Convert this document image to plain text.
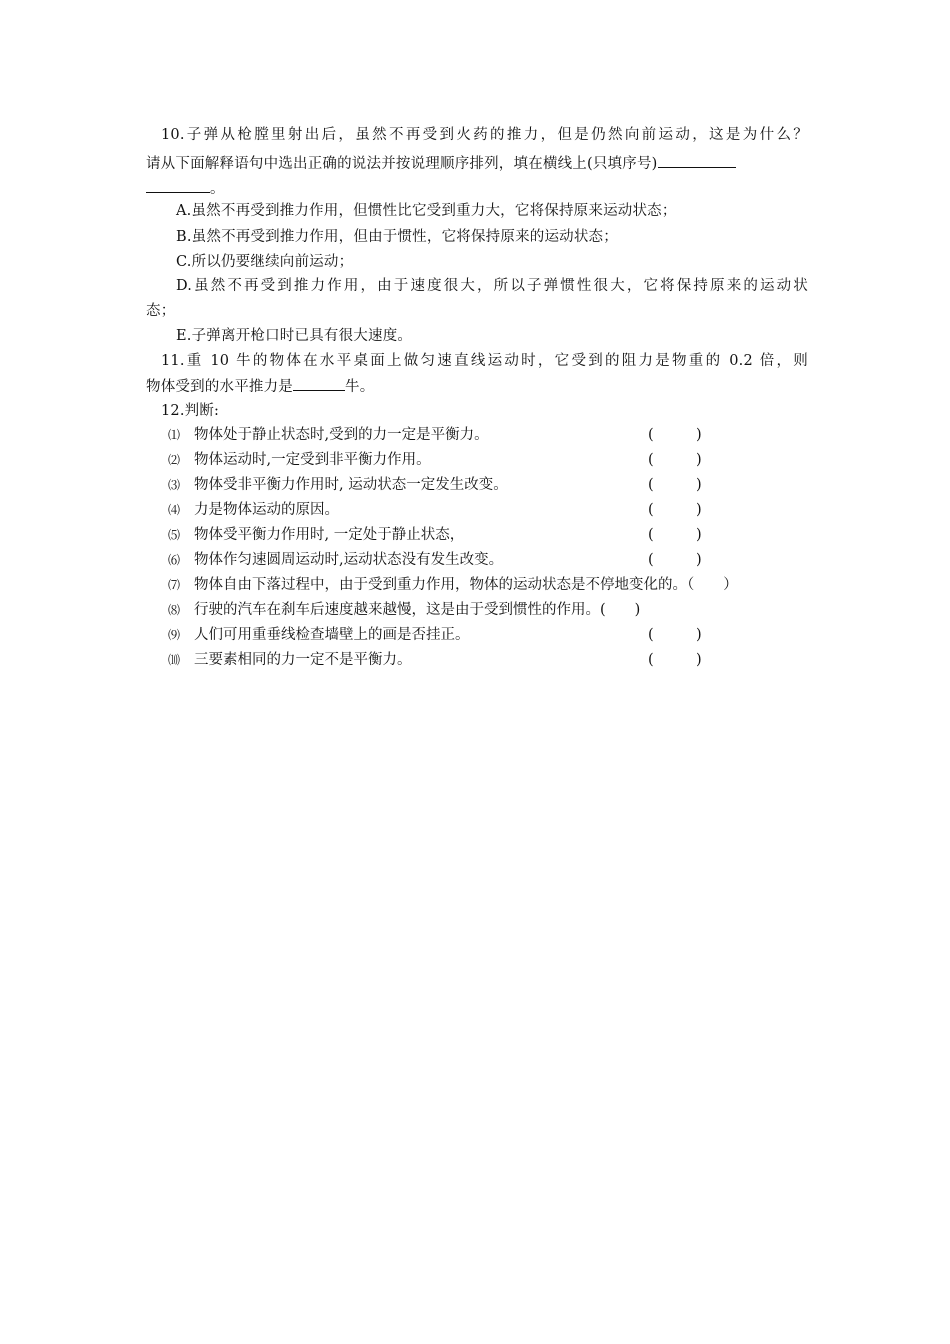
10.子弹从枪膛里射出后，虽然不再受到火药的推力，但是仍然向前运动，这是为什么？
请从下面解释语句中选出正确的说法并按说理顺序排列，填在横线上(只填序号)
。
A.虽然不再受到推力作用，但惯性比它受到重力大，它将保持原来运动状态；
B.虽然不再受到推力作用，但由于惯性，它将保持原来的运动状态；
C.所以仍要继续向前运动；
D.虽然不再受到推力作用，由于速度很大，所以子弹惯性很大，它将保持原来的运动状
态；
E.子弹离开枪口时已具有很大速度。
11.重 10 牛的物体在水平桌面上做匀速直线运动时，它受到的阻力是物重的 0.2 倍，则
物体受到的水平推力是	牛。
12.判断:
⑴ 物体处于静止状态时,受到的力一定是平衡力。	(	)
⑵ 物体运动时,一定受到非平衡力作用。	(	)
⑶ 物体受非平衡力作用时, 运动状态一定发生改变。	(	)
⑷ 力是物体运动的原因。	(	)
⑸ 物体受平衡力作用时, 一定处于静止状态，	(	)
⑹ 物体作匀速圆周运动时,运动状态没有发生改变。	(	)
⑺ 物体自由下落过程中，由于受到重力作用，物体的运动状态是不停地变化的。（　　）
⑻ 行驶的汽车在刹车后速度越来越慢，这是由于受到惯性的作用。(　　)
⑼ 人们可用重垂线检查墙壁上的画是否挂正。	(	)
⑽ 三要素相同的力一定不是平衡力。	(	)
